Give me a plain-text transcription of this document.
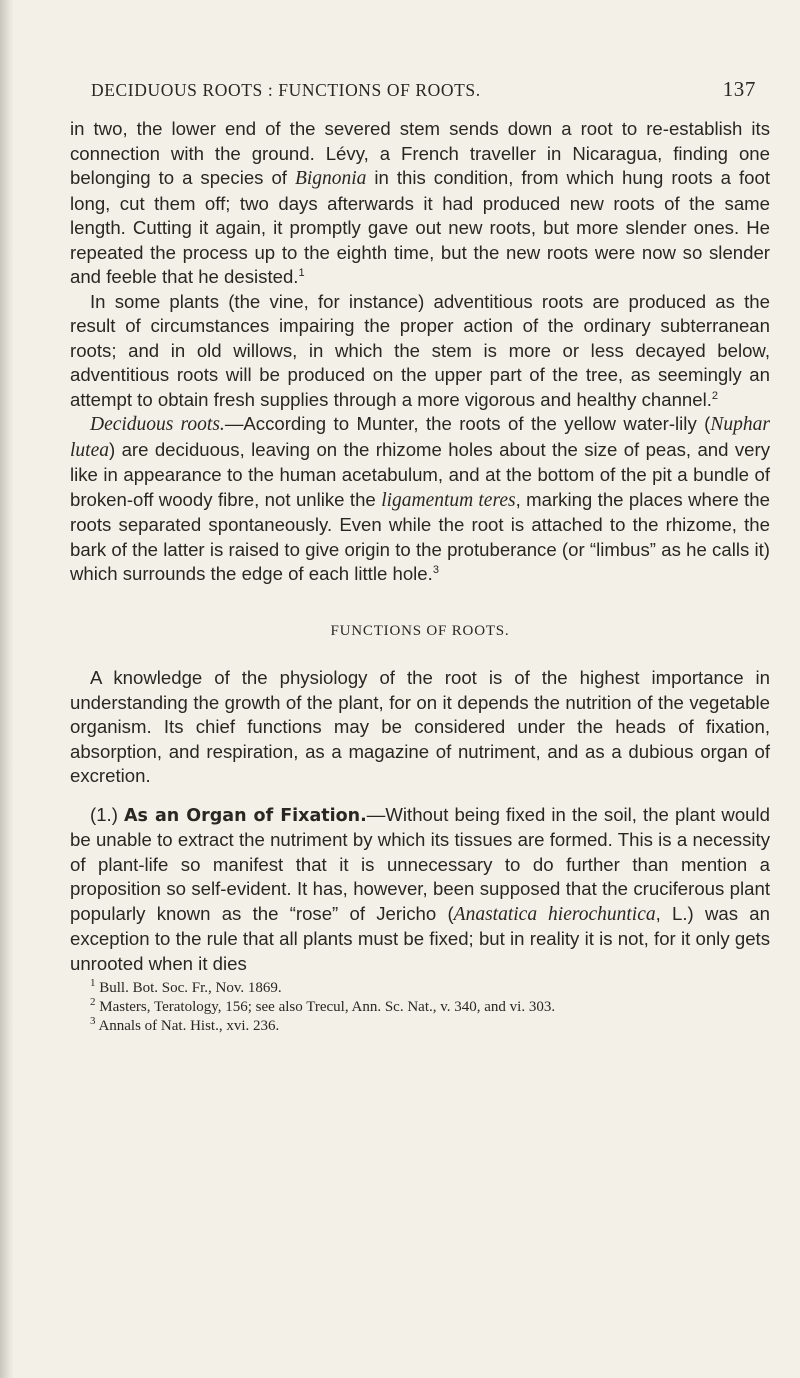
DECIDUOUS ROOTS : FUNCTIONS OF ROOTS.	137

in two, the lower end of the severed stem sends down a root to re-establish its connection with the ground. Lévy, a French traveller in Nicaragua, finding one belonging to a species of Bignonia in this condition, from which hung roots a foot long, cut them off; two days afterwards it had produced new roots of the same length. Cutting it again, it promptly gave out new roots, but more slender ones. He repeated the process up to the eighth time, but the new roots were now so slender and feeble that he desisted.$^1$

In some plants (the vine, for instance) adventitious roots are produced as the result of circumstances impairing the proper action of the ordinary subterranean roots; and in old willows, in which the stem is more or less decayed below, adventitious roots will be produced on the upper part of the tree, as seemingly an attempt to obtain fresh supplies through a more vigorous and healthy channel.$^2$

Deciduous roots.—According to Munter, the roots of the yellow water-lily (Nuphar lutea) are deciduous, leaving on the rhizome holes about the size of peas, and very like in appearance to the human acetabulum, and at the bottom of the pit a bundle of broken-off woody fibre, not unlike the ligamentum teres, marking the places where the roots separated spontaneously. Even while the root is attached to the rhizome, the bark of the latter is raised to give origin to the protuberance (or “limbus” as he calls it) which surrounds the edge of each little hole.$^3$

FUNCTIONS OF ROOTS.

A knowledge of the physiology of the root is of the highest importance in understanding the growth of the plant, for on it depends the nutrition of the vegetable organism. Its chief functions may be considered under the heads of fixation, absorption, and respiration, as a magazine of nutriment, and as a dubious organ of excretion.

(1.) As an Organ of Fixation.—Without being fixed in the soil, the plant would be unable to extract the nutriment by which its tissues are formed. This is a necessity of plant-life so manifest that it is unnecessary to do further than mention a proposition so self-evident. It has, however, been supposed that the cruciferous plant popularly known as the “rose” of Jericho (Anastatica hierochuntica, L.) was an exception to the rule that all plants must be fixed; but in reality it is not, for it only gets unrooted when it dies

$^1$ Bull. Bot. Soc. Fr., Nov. 1869.

$^2$ Masters, Teratology, 156; see also Trecul, Ann. Sc. Nat., v. 340, and vi. 303.

$^3$ Annals of Nat. Hist., xvi. 236.
